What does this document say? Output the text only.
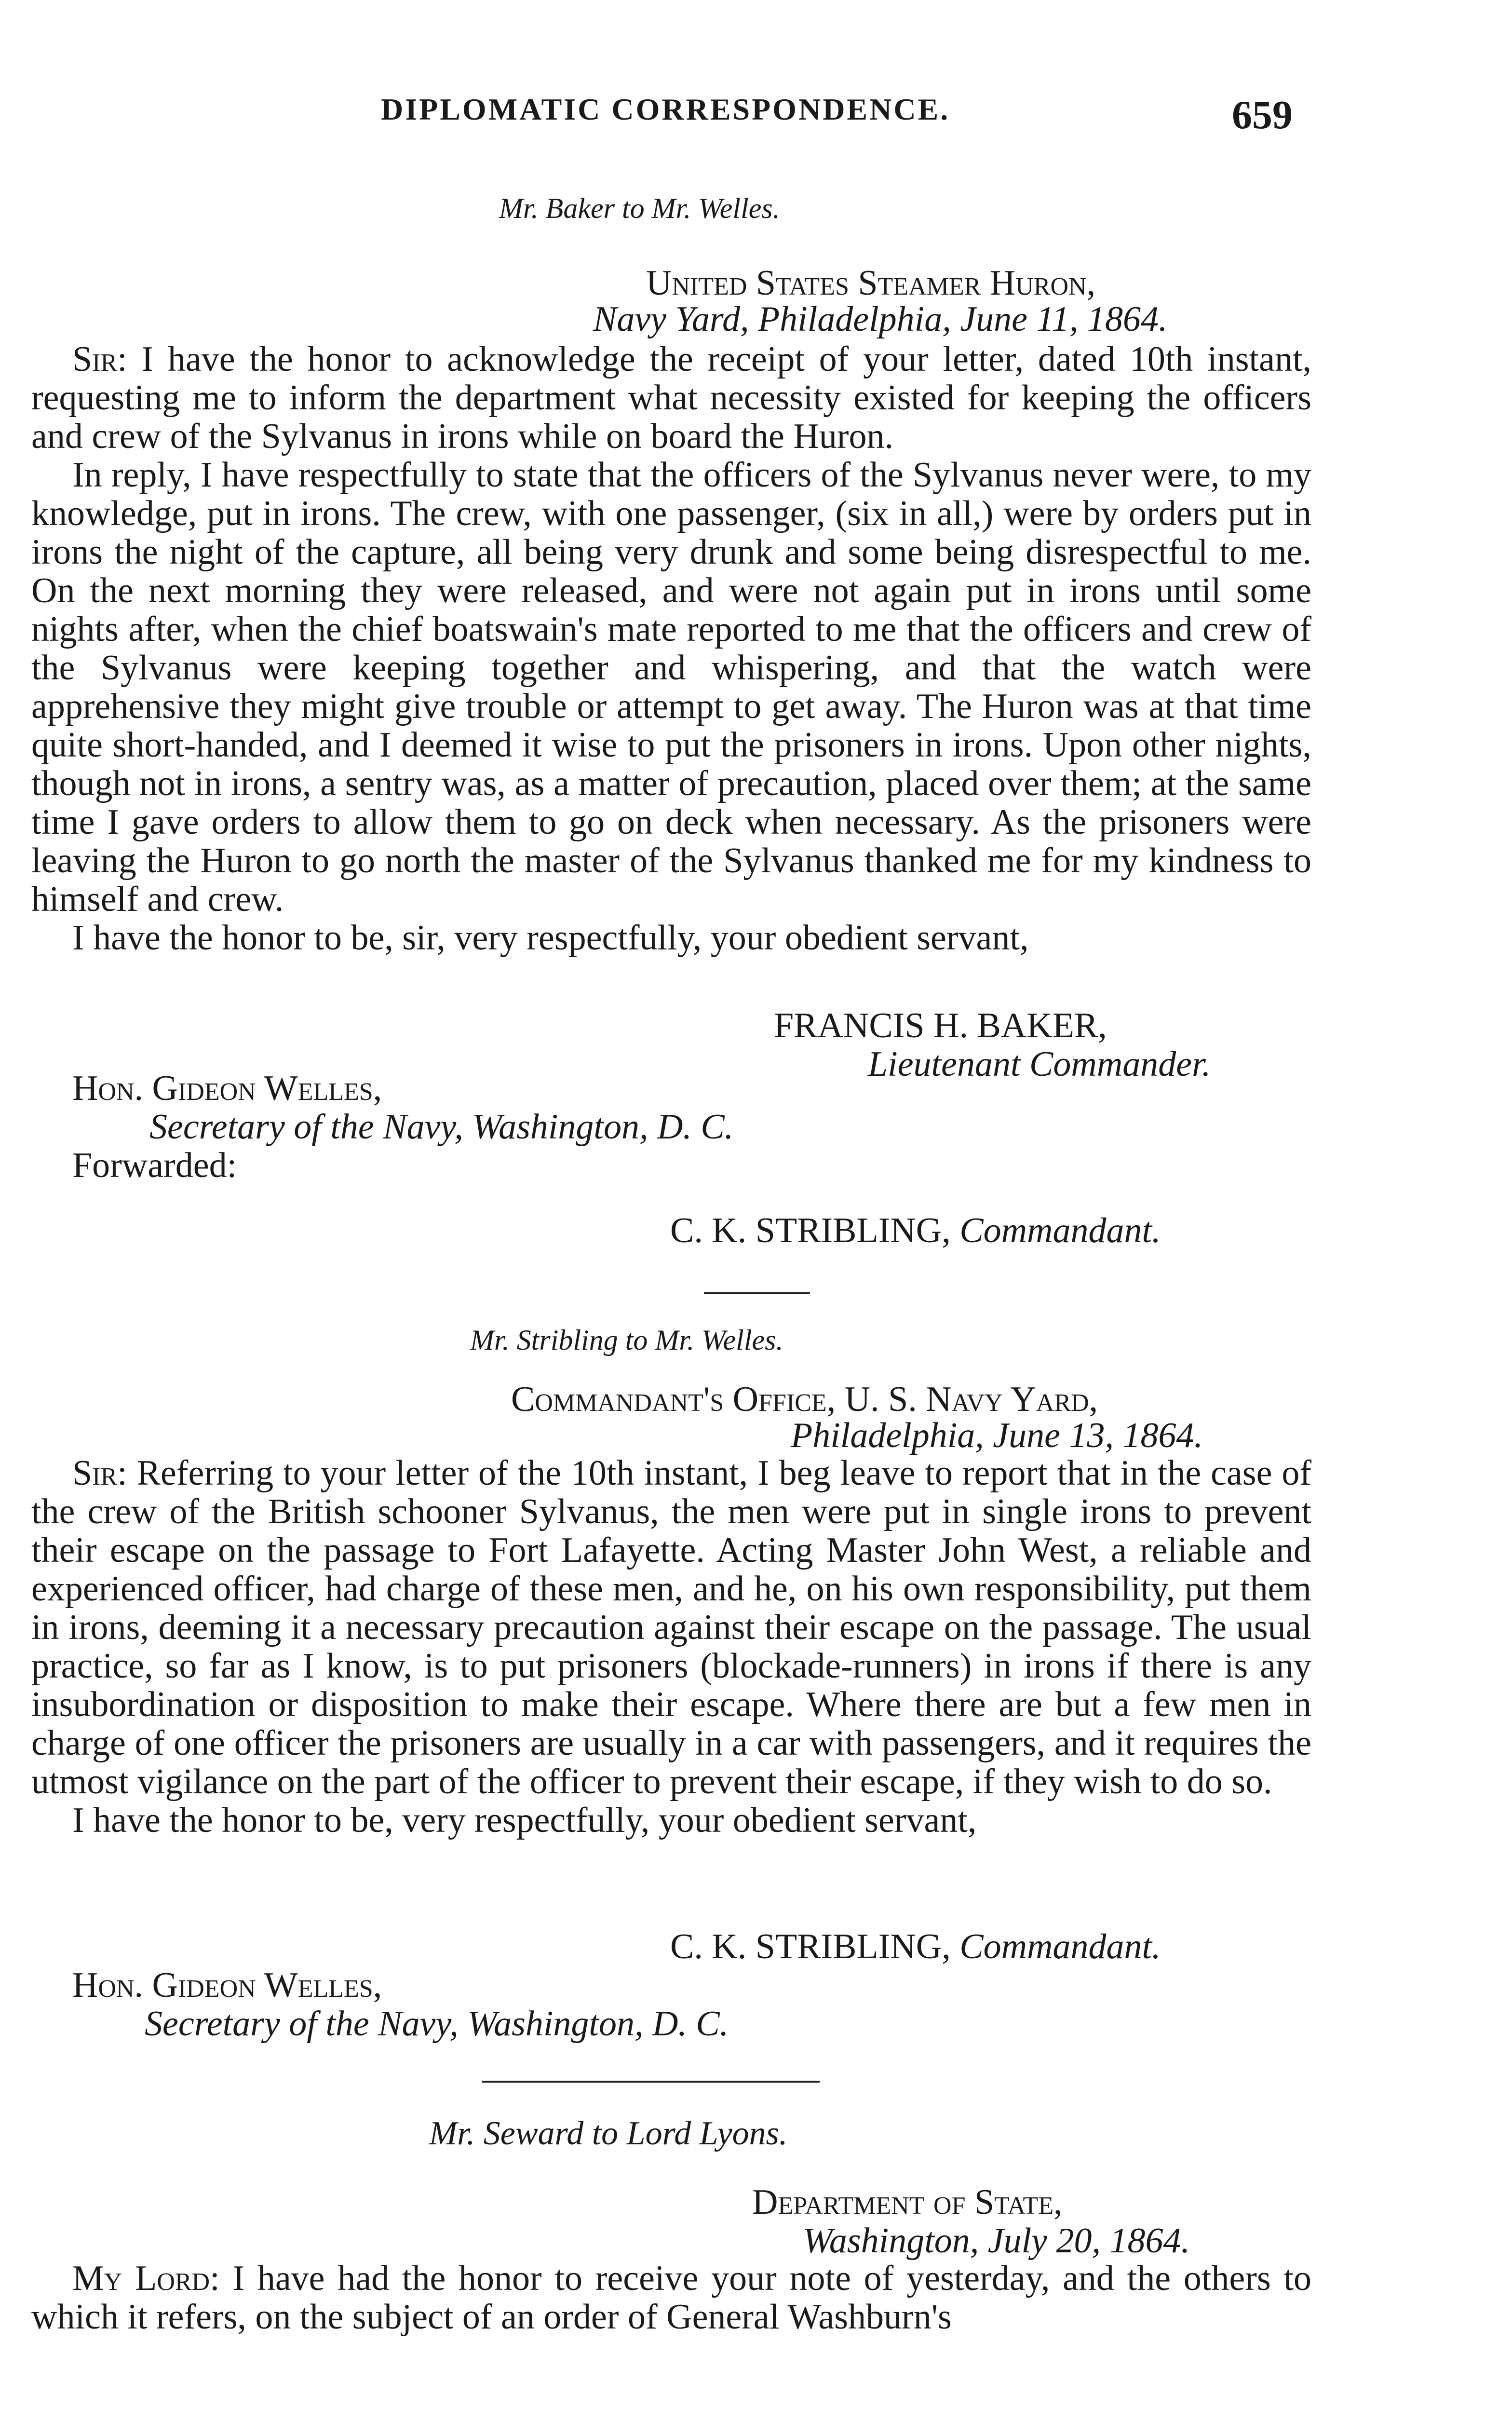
DIPLOMATIC CORRESPONDENCE.	659
Mr. Baker to Mr. Welles.
United States Steamer Huron,
Navy Yard, Philadelphia, June 11, 1864.

Sir: I have the honor to acknowledge the receipt of your letter, dated 10th instant, requesting me to inform the department what necessity existed for keeping the officers and crew of the Sylvanus in irons while on board the Huron.

In reply, I have respectfully to state that the officers of the Sylvanus never were, to my knowledge, put in irons. The crew, with one passenger, (six in all,) were by orders put in irons the night of the capture, all being very drunk and some being disrespectful to me. On the next morning they were released, and were not again put in irons until some nights after, when the chief boatswain's mate reported to me that the officers and crew of the Sylvanus were keeping together and whispering, and that the watch were apprehensive they might give trouble or attempt to get away. The Huron was at that time quite short-handed, and I deemed it wise to put the prisoners in irons. Upon other nights, though not in irons, a sentry was, as a matter of precaution, placed over them; at the same time I gave orders to allow them to go on deck when necessary. As the prisoners were leaving the Huron to go north the master of the Sylvanus thanked me for my kindness to himself and crew.

I have the honor to be, sir, very respectfully, your obedient servant,

FRANCIS H. BAKER,
Lieutenant Commander.
Hon. Gideon Welles,
Secretary of the Navy, Washington, D. C.
Forwarded:
C. K. STRIBLING, Commandant.
Mr. Stribling to Mr. Welles.
Commandant's Office, U. S. Navy Yard,
Philadelphia, June 13, 1864.

Sir: Referring to your letter of the 10th instant, I beg leave to report that in the case of the crew of the British schooner Sylvanus, the men were put in single irons to prevent their escape on the passage to Fort Lafayette. Acting Master John West, a reliable and experienced officer, had charge of these men, and he, on his own responsibility, put them in irons, deeming it a necessary precaution against their escape on the passage. The usual practice, so far as I know, is to put prisoners (blockade-runners) in irons if there is any insubordination or disposition to make their escape. Where there are but a few men in charge of one officer the prisoners are usually in a car with passengers, and it requires the utmost vigilance on the part of the officer to prevent their escape, if they wish to do so.

I have the honor to be, very respectfully, your obedient servant,

C. K. STRIBLING, Commandant.
Hon. Gideon Welles,
Secretary of the Navy, Washington, D. C.
Mr. Seward to Lord Lyons.
Department of State,
Washington, July 20, 1864.

My Lord: I have had the honor to receive your note of yesterday, and the others to which it refers, on the subject of an order of General Washburn's
